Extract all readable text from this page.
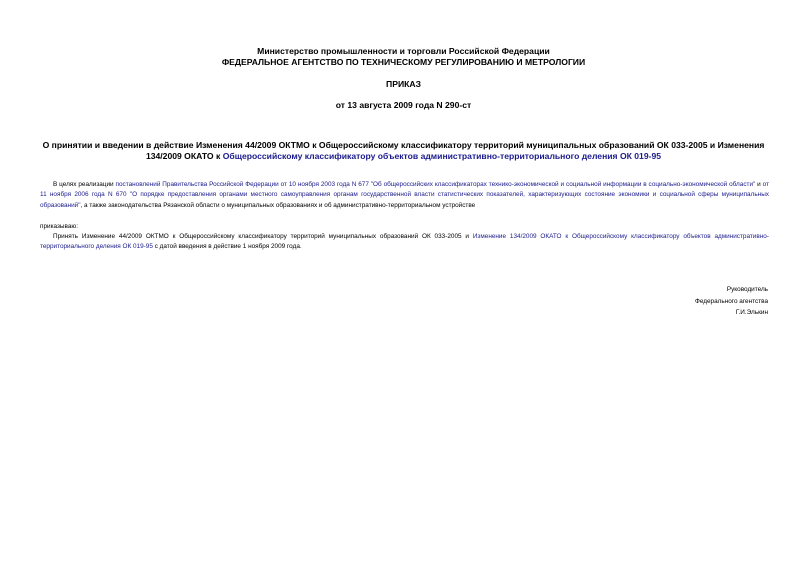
Министерство промышленности и торговли Российской Федерации
ФЕДЕРАЛЬНОЕ АГЕНТСТВО ПО ТЕХНИЧЕСКОМУ РЕГУЛИРОВАНИЮ И МЕТРОЛОГИИ
ПРИКАЗ
от 13 августа 2009 года N 290-ст
О принятии и введении в действие Изменения 44/2009 ОКТМО к Общероссийскому классификатору территорий муниципальных образований ОК 033-2005 и Изменения 134/2009 ОКАТО к Общероссийскому классификатору объектов административно-территориального деления ОК 019-95
В целях реализации постановлений Правительства Российской Федерации от 10 ноября 2003 года N 677 "Об общероссийских классификаторах технико-экономической и социальной информации в социально-экономической области" и от 11 ноября 2006 года N 670 "О порядке предоставления органами местного самоуправления органам государственной власти статистических показателей, характеризующих состояние экономики и социальной сферы муниципальных образований", а также законодательства Рязанской области о муниципальных образованиях и об административно-территориальном устройстве
приказываю:
Принять Изменение 44/2009 ОКТМО к Общероссийскому классификатору территорий муниципальных образований ОК 033-2005 и Изменение 134/2009 ОКАТО к Общероссийскому классификатору объектов административно-территориального деления ОК 019-95 с датой введения в действие 1 ноября 2009 года.
Руководитель
Федерального агентства
Г.И.Элькин
